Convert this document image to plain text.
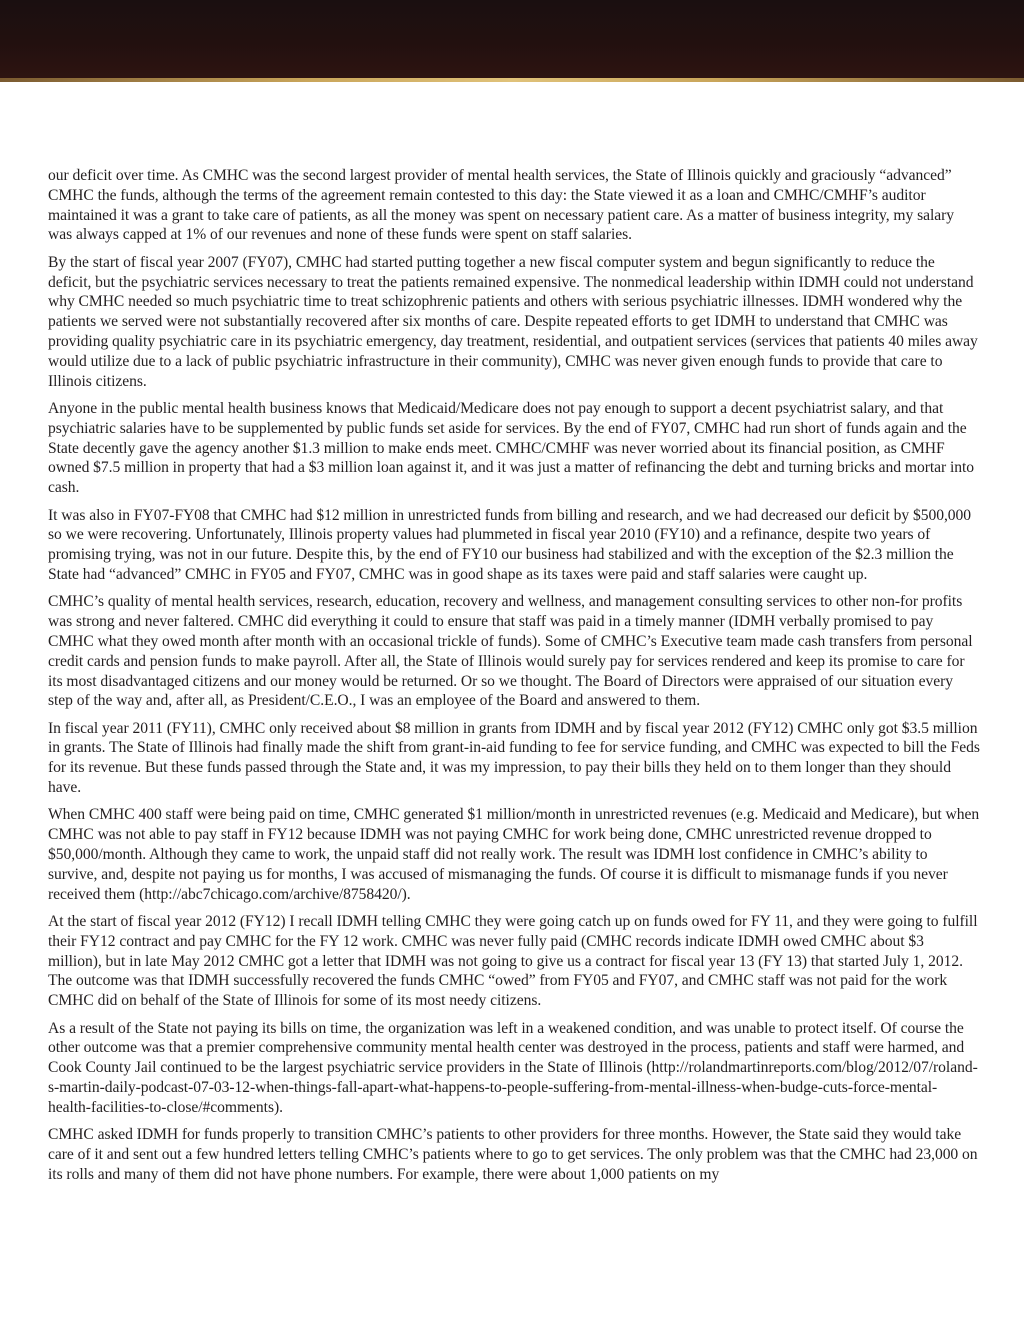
our deficit over time. As CMHC was the second largest provider of mental health services, the State of Illinois quickly and graciously “advanced” CMHC the funds, although the terms of the agreement remain contested to this day: the State viewed it as a loan and CMHC/CMHF’s auditor maintained it was a grant to take care of patients, as all the money was spent on necessary patient care. As a matter of business integrity, my salary was always capped at 1% of our revenues and none of these funds were spent on staff salaries.

By the start of fiscal year 2007 (FY07), CMHC had started putting together a new fiscal computer system and begun significantly to reduce the deficit, but the psychiatric services necessary to treat the patients remained expensive. The nonmedical leadership within IDMH could not understand why CMHC needed so much psychiatric time to treat schizophrenic patients and others with serious psychiatric illnesses. IDMH wondered why the patients we served were not substantially recovered after six months of care. Despite repeated efforts to get IDMH to understand that CMHC was providing quality psychiatric care in its psychiatric emergency, day treatment, residential, and outpatient services (services that patients 40 miles away would utilize due to a lack of public psychiatric infrastructure in their community), CMHC was never given enough funds to provide that care to Illinois citizens.

Anyone in the public mental health business knows that Medicaid/Medicare does not pay enough to support a decent psychiatrist salary, and that psychiatric salaries have to be supplemented by public funds set aside for services. By the end of FY07, CMHC had run short of funds again and the State decently gave the agency another $1.3 million to make ends meet. CMHC/CMHF was never worried about its financial position, as CMHF owned $7.5 million in property that had a $3 million loan against it, and it was just a matter of refinancing the debt and turning bricks and mortar into cash.

It was also in FY07-FY08 that CMHC had $12 million in unrestricted funds from billing and research, and we had decreased our deficit by $500,000 so we were recovering. Unfortunately, Illinois property values had plummeted in fiscal year 2010 (FY10) and a refinance, despite two years of promising trying, was not in our future. Despite this, by the end of FY10 our business had stabilized and with the exception of the $2.3 million the State had “advanced” CMHC in FY05 and FY07, CMHC was in good shape as its taxes were paid and staff salaries were caught up.

CMHC’s quality of mental health services, research, education, recovery and wellness, and management consulting services to other non-for profits was strong and never faltered. CMHC did everything it could to ensure that staff was paid in a timely manner (IDMH verbally promised to pay CMHC what they owed month after month with an occasional trickle of funds). Some of CMHC’s Executive team made cash transfers from personal credit cards and pension funds to make payroll. After all, the State of Illinois would surely pay for services rendered and keep its promise to care for its most disadvantaged citizens and our money would be returned. Or so we thought. The Board of Directors were appraised of our situation every step of the way and, after all, as President/C.E.O., I was an employee of the Board and answered to them.

In fiscal year 2011 (FY11), CMHC only received about $8 million in grants from IDMH and by fiscal year 2012 (FY12) CMHC only got $3.5 million in grants. The State of Illinois had finally made the shift from grant-in-aid funding to fee for service funding, and CMHC was expected to bill the Feds for its revenue. But these funds passed through the State and, it was my impression, to pay their bills they held on to them longer than they should have.

When CMHC 400 staff were being paid on time, CMHC generated $1 million/month in unrestricted revenues (e.g. Medicaid and Medicare), but when CMHC was not able to pay staff in FY12 because IDMH was not paying CMHC for work being done, CMHC unrestricted revenue dropped to $50,000/month. Although they came to work, the unpaid staff did not really work. The result was IDMH lost confidence in CMHC’s ability to survive, and, despite not paying us for months, I was accused of mismanaging the funds. Of course it is difficult to mismanage funds if you never received them (http://abc7chicago.com/archive/8758420/).

At the start of fiscal year 2012 (FY12) I recall IDMH telling CMHC they were going catch up on funds owed for FY 11, and they were going to fulfill their FY12 contract and pay CMHC for the FY 12 work. CMHC was never fully paid (CMHC records indicate IDMH owed CMHC about $3 million), but in late May 2012 CMHC got a letter that IDMH was not going to give us a contract for fiscal year 13 (FY 13) that started July 1, 2012. The outcome was that IDMH successfully recovered the funds CMHC “owed” from FY05 and FY07, and CMHC staff was not paid for the work CMHC did on behalf of the State of Illinois for some of its most needy citizens.

As a result of the State not paying its bills on time, the organization was left in a weakened condition, and was unable to protect itself. Of course the other outcome was that a premier comprehensive community mental health center was destroyed in the process, patients and staff were harmed, and Cook County Jail continued to be the largest psychiatric service providers in the State of Illinois (http://rolandmartinreports.com/blog/2012/07/roland-s-martin-daily-podcast-07-03-12-when-things-fall-apart-what-happens-to-people-suffering-from-mental-illness-when-budge-cuts-force-mental-health-facilities-to-close/#comments).

CMHC asked IDMH for funds properly to transition CMHC’s patients to other providers for three months. However, the State said they would take care of it and sent out a few hundred letters telling CMHC’s patients where to go to get services. The only problem was that the CMHC had 23,000 on its rolls and many of them did not have phone numbers. For example, there were about 1,000 patients on my
